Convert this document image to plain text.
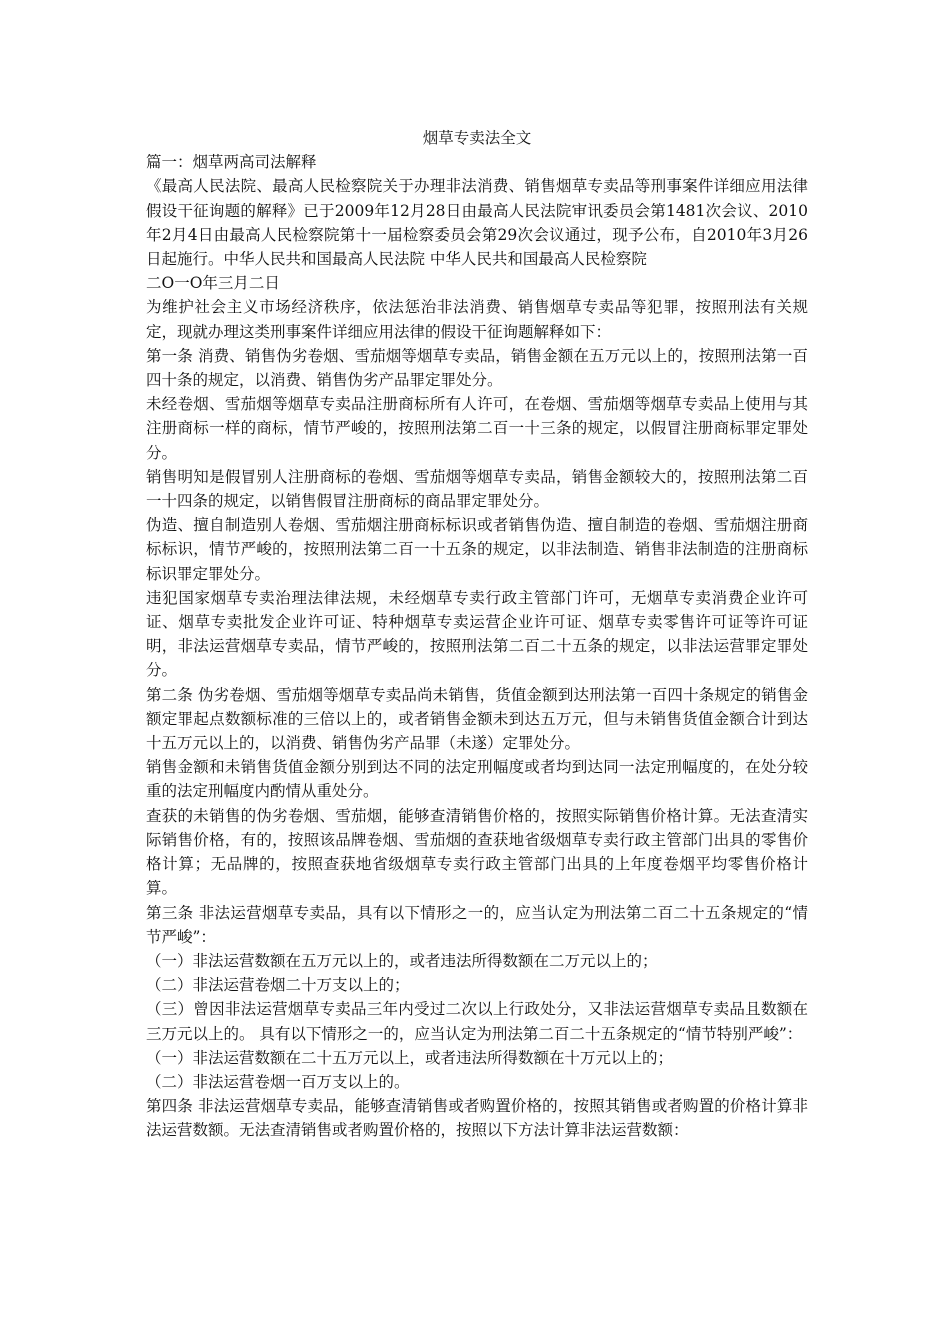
烟草专卖法全文

篇一：烟草两高司法解释

《最高人民法院、最高人民检察院关于办理非法消费、销售烟草专卖品等刑事案件详细应用法律假设干征询题的解释》已于2009年12月28日由最高人民法院审讯委员会第1481次会议、2010年2月4日由最高人民检察院第十一届检察委员会第29次会议通过，现予公布，自2010年3月26日起施行。中华人民共和国最高人民法院 中华人民共和国最高人民检察院

二O一O年三月二日

为维护社会主义市场经济秩序，依法惩治非法消费、销售烟草专卖品等犯罪，按照刑法有关规定，现就办理这类刑事案件详细应用法律的假设干征询题解释如下：

第一条 消费、销售伪劣卷烟、雪茄烟等烟草专卖品，销售金额在五万元以上的，按照刑法第一百四十条的规定，以消费、销售伪劣产品罪定罪处分。

未经卷烟、雪茄烟等烟草专卖品注册商标所有人许可，在卷烟、雪茄烟等烟草专卖品上使用与其注册商标一样的商标，情节严峻的，按照刑法第二百一十三条的规定，以假冒注册商标罪定罪处分。

销售明知是假冒别人注册商标的卷烟、雪茄烟等烟草专卖品，销售金额较大的，按照刑法第二百一十四条的规定，以销售假冒注册商标的商品罪定罪处分。

伪造、擅自制造别人卷烟、雪茄烟注册商标标识或者销售伪造、擅自制造的卷烟、雪茄烟注册商标标识，情节严峻的，按照刑法第二百一十五条的规定，以非法制造、销售非法制造的注册商标标识罪定罪处分。

违犯国家烟草专卖治理法律法规，未经烟草专卖行政主管部门许可，无烟草专卖消费企业许可证、烟草专卖批发企业许可证、特种烟草专卖运营企业许可证、烟草专卖零售许可证等许可证明，非法运营烟草专卖品，情节严峻的，按照刑法第二百二十五条的规定，以非法运营罪定罪处分。

第二条 伪劣卷烟、雪茄烟等烟草专卖品尚未销售，货值金额到达刑法第一百四十条规定的销售金额定罪起点数额标准的三倍以上的，或者销售金额未到达五万元，但与未销售货值金额合计到达十五万元以上的，以消费、销售伪劣产品罪（未遂）定罪处分。

销售金额和未销售货值金额分别到达不同的法定刑幅度或者均到达同一法定刑幅度的，在处分较重的法定刑幅度内酌情从重处分。

查获的未销售的伪劣卷烟、雪茄烟，能够查清销售价格的，按照实际销售价格计算。无法查清实际销售价格，有的，按照该品牌卷烟、雪茄烟的查获地省级烟草专卖行政主管部门出具的零售价格计算；无品牌的，按照查获地省级烟草专卖行政主管部门出具的上年度卷烟平均零售价格计算。

第三条 非法运营烟草专卖品，具有以下情形之一的，应当认定为刑法第二百二十五条规定的“情节严峻”：

（一）非法运营数额在五万元以上的，或者违法所得数额在二万元以上的；

（二）非法运营卷烟二十万支以上的；

（三）曾因非法运营烟草专卖品三年内受过二次以上行政处分，又非法运营烟草专卖品且数额在三万元以上的。 具有以下情形之一的，应当认定为刑法第二百二十五条规定的“情节特别严峻”：

（一）非法运营数额在二十五万元以上，或者违法所得数额在十万元以上的；

（二）非法运营卷烟一百万支以上的。

第四条 非法运营烟草专卖品，能够查清销售或者购置价格的，按照其销售或者购置的价格计算非法运营数额。无法查清销售或者购置价格的，按照以下方法计算非法运营数额：
